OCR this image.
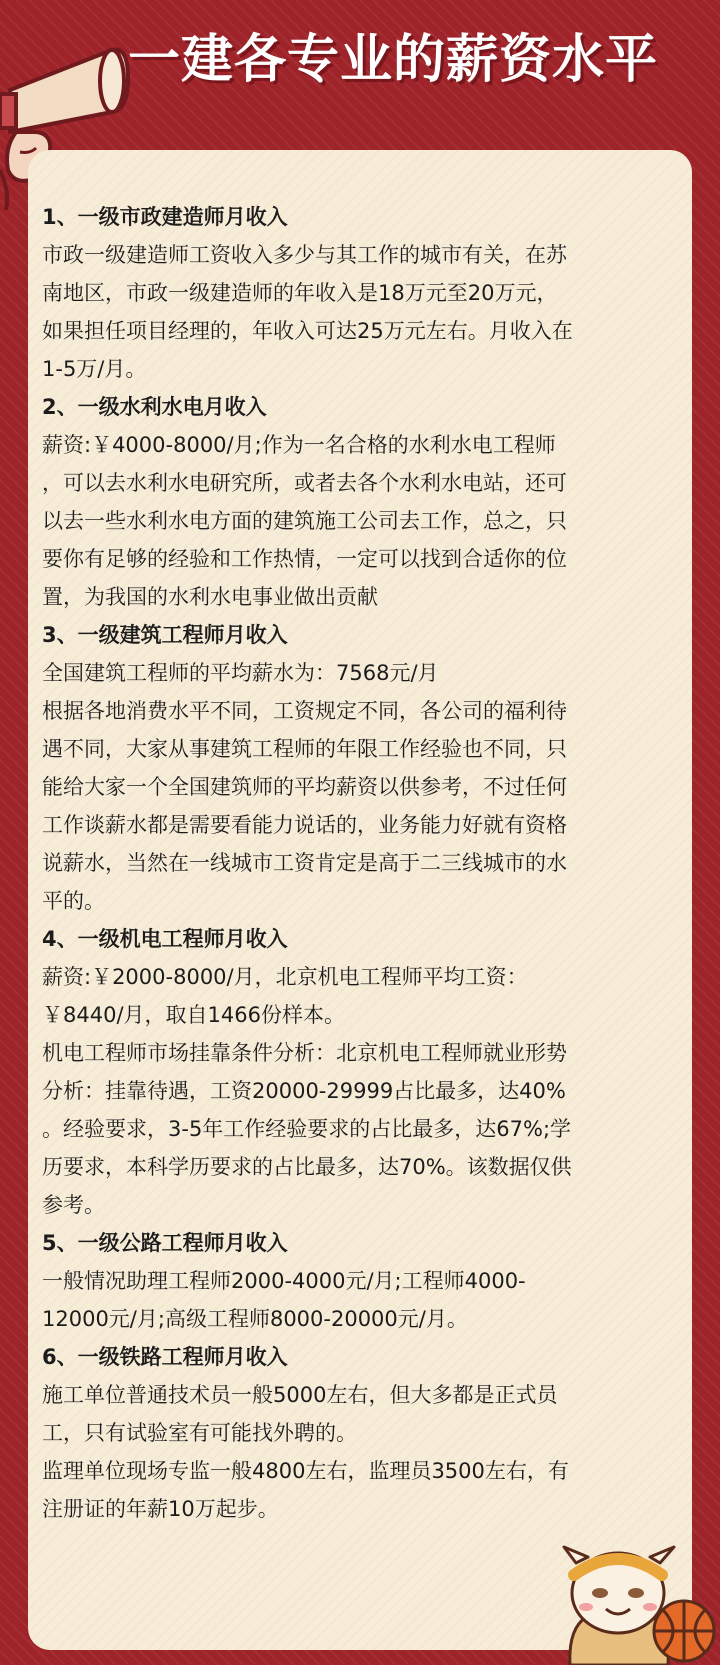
一建各专业的薪资水平
1、一级市政建造师月收入
市政一级建造师工资收入多少与其工作的城市有关，在苏
南地区，市政一级建造师的年收入是18万元至20万元，
如果担任项目经理的，年收入可达25万元左右。月收入在
1-5万/月。
2、一级水利水电月收入
薪资:￥4000-8000/月;作为一名合格的水利水电工程师
，可以去水利水电研究所，或者去各个水利水电站，还可
以去一些水利水电方面的建筑施工公司去工作，总之，只
要你有足够的经验和工作热情，一定可以找到合适你的位
置，为我国的水利水电事业做出贡献
3、一级建筑工程师月收入
全国建筑工程师的平均薪水为：7568元/月
根据各地消费水平不同，工资规定不同，各公司的福利待
遇不同，大家从事建筑工程师的年限工作经验也不同，只
能给大家一个全国建筑师的平均薪资以供参考，不过任何
工作谈薪水都是需要看能力说话的，业务能力好就有资格
说薪水，当然在一线城市工资肯定是高于二三线城市的水
平的。
4、一级机电工程师月收入
薪资:￥2000-8000/月，北京机电工程师平均工资：
￥8440/月，取自1466份样本。
机电工程师市场挂靠条件分析：北京机电工程师就业形势
分析：挂靠待遇，工资20000-29999占比最多，达40%
。经验要求，3-5年工作经验要求的占比最多，达67%;学
历要求，本科学历要求的占比最多，达70%。该数据仅供
参考。
5、一级公路工程师月收入
一般情况助理工程师2000-4000元/月;工程师4000-
12000元/月;高级工程师8000-20000元/月。
6、一级铁路工程师月收入
施工单位普通技术员一般5000左右，但大多都是正式员
工，只有试验室有可能找外聘的。
监理单位现场专监一般4800左右，监理员3500左右，有
注册证的年薪10万起步。
